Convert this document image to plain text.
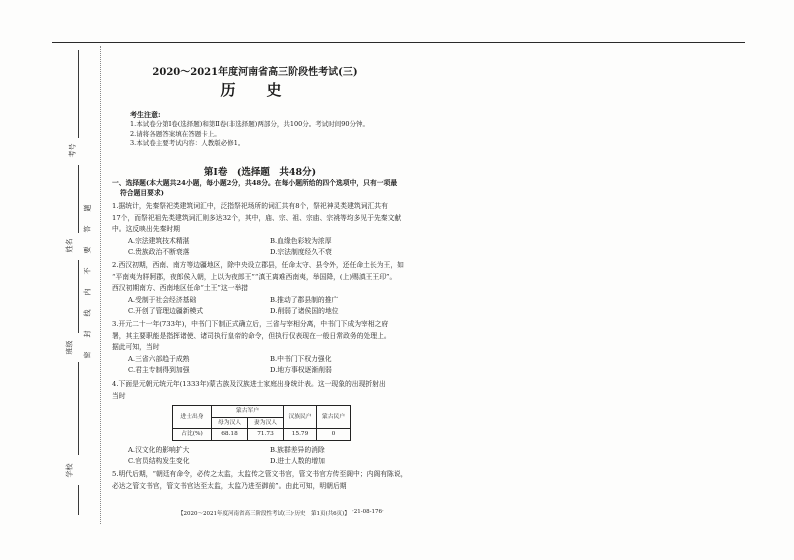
考号
姓名
班级
学校
密封线内不要答题
2020～2021年度河南省高三阶段性考试(三)
历　史
考生注意:
1.本试卷分第Ⅰ卷(选择题)和第Ⅱ卷(非选择题)两部分，共100分。考试时间90分钟。
2.请将各题答案填在答题卡上。
3.本试卷主要考试内容：人教版必修1。
第Ⅰ卷　(选择题　共48分)
一、选择题(本大题共24小题，每小题2分，共48分。在每小题所给的四个选项中，只有一项最
符合题目要求)
1.据统计，先秦祭祀类建筑词汇中，泛指祭祀场所的词汇共有8个，祭祀神灵类建筑词汇共有
17个，而祭祀祖先类建筑词汇则多达32个，其中，庙、宗、祖、宗庙、宗祧等均多见于先秦文献
中。这反映出先秦时期
A.宗法建筑技术精湛	B.血缘色彩较为浓厚
C.贵族政治不断衰落	D.宗法制度经久不衰
2.西汉初期，西南、南方等边疆地区，除中央设立郡县，任命太守、县令外，还任命土长为王，如
“平南夷为牂牁郡，夜郎侯入朝，上以为夜郎王”“滇王离难西南夷，举国降，(上)赐滇王王印”。
西汉初期南方、西南地区任命“土王”这一举措
A.受制于社会经济基础	B.推动了郡县制的推广
C.开创了管理边疆新模式	D.削弱了诸侯国的地位
3.开元二十一年(733年)，中书门下制正式确立后，三省与宰相分离，中书门下成为宰相之府
署，其主要职能是指挥诸使、诸司执行皇帝的命令，但执行仅表现在一般日常政务的处理上。
据此可知，当时
A.三省六部趋于成熟	B.中书门下权力强化
C.君主专制得到加强	D.地方事权逐渐削弱
4.下面是元朝元统元年(1333年)蒙古族及汉族进士家庭出身统计表。这一现象的出现折射出
当时
进士出身	蒙古军户		汉族民户	蒙古民户
	母为汉人	妻为汉人		
占比(%)	68.18	71.73	15.79	0
A.汉文化的影响扩大	B.族群差异的消除
C.官员结构发生变化	D.进士人数的增加
5.明代后期，“朝廷有命令，必传之太监，太监传之管文书官，管文书官方传至阁中；内阁有陈说，
必达之管文书官，管文书官达至太监，太监乃进至御前”。由此可知，明朝后期
【2020～2021年度河南省高三阶段性考试(三)·历史　第1页(共6页)】 ·21-08-176·
